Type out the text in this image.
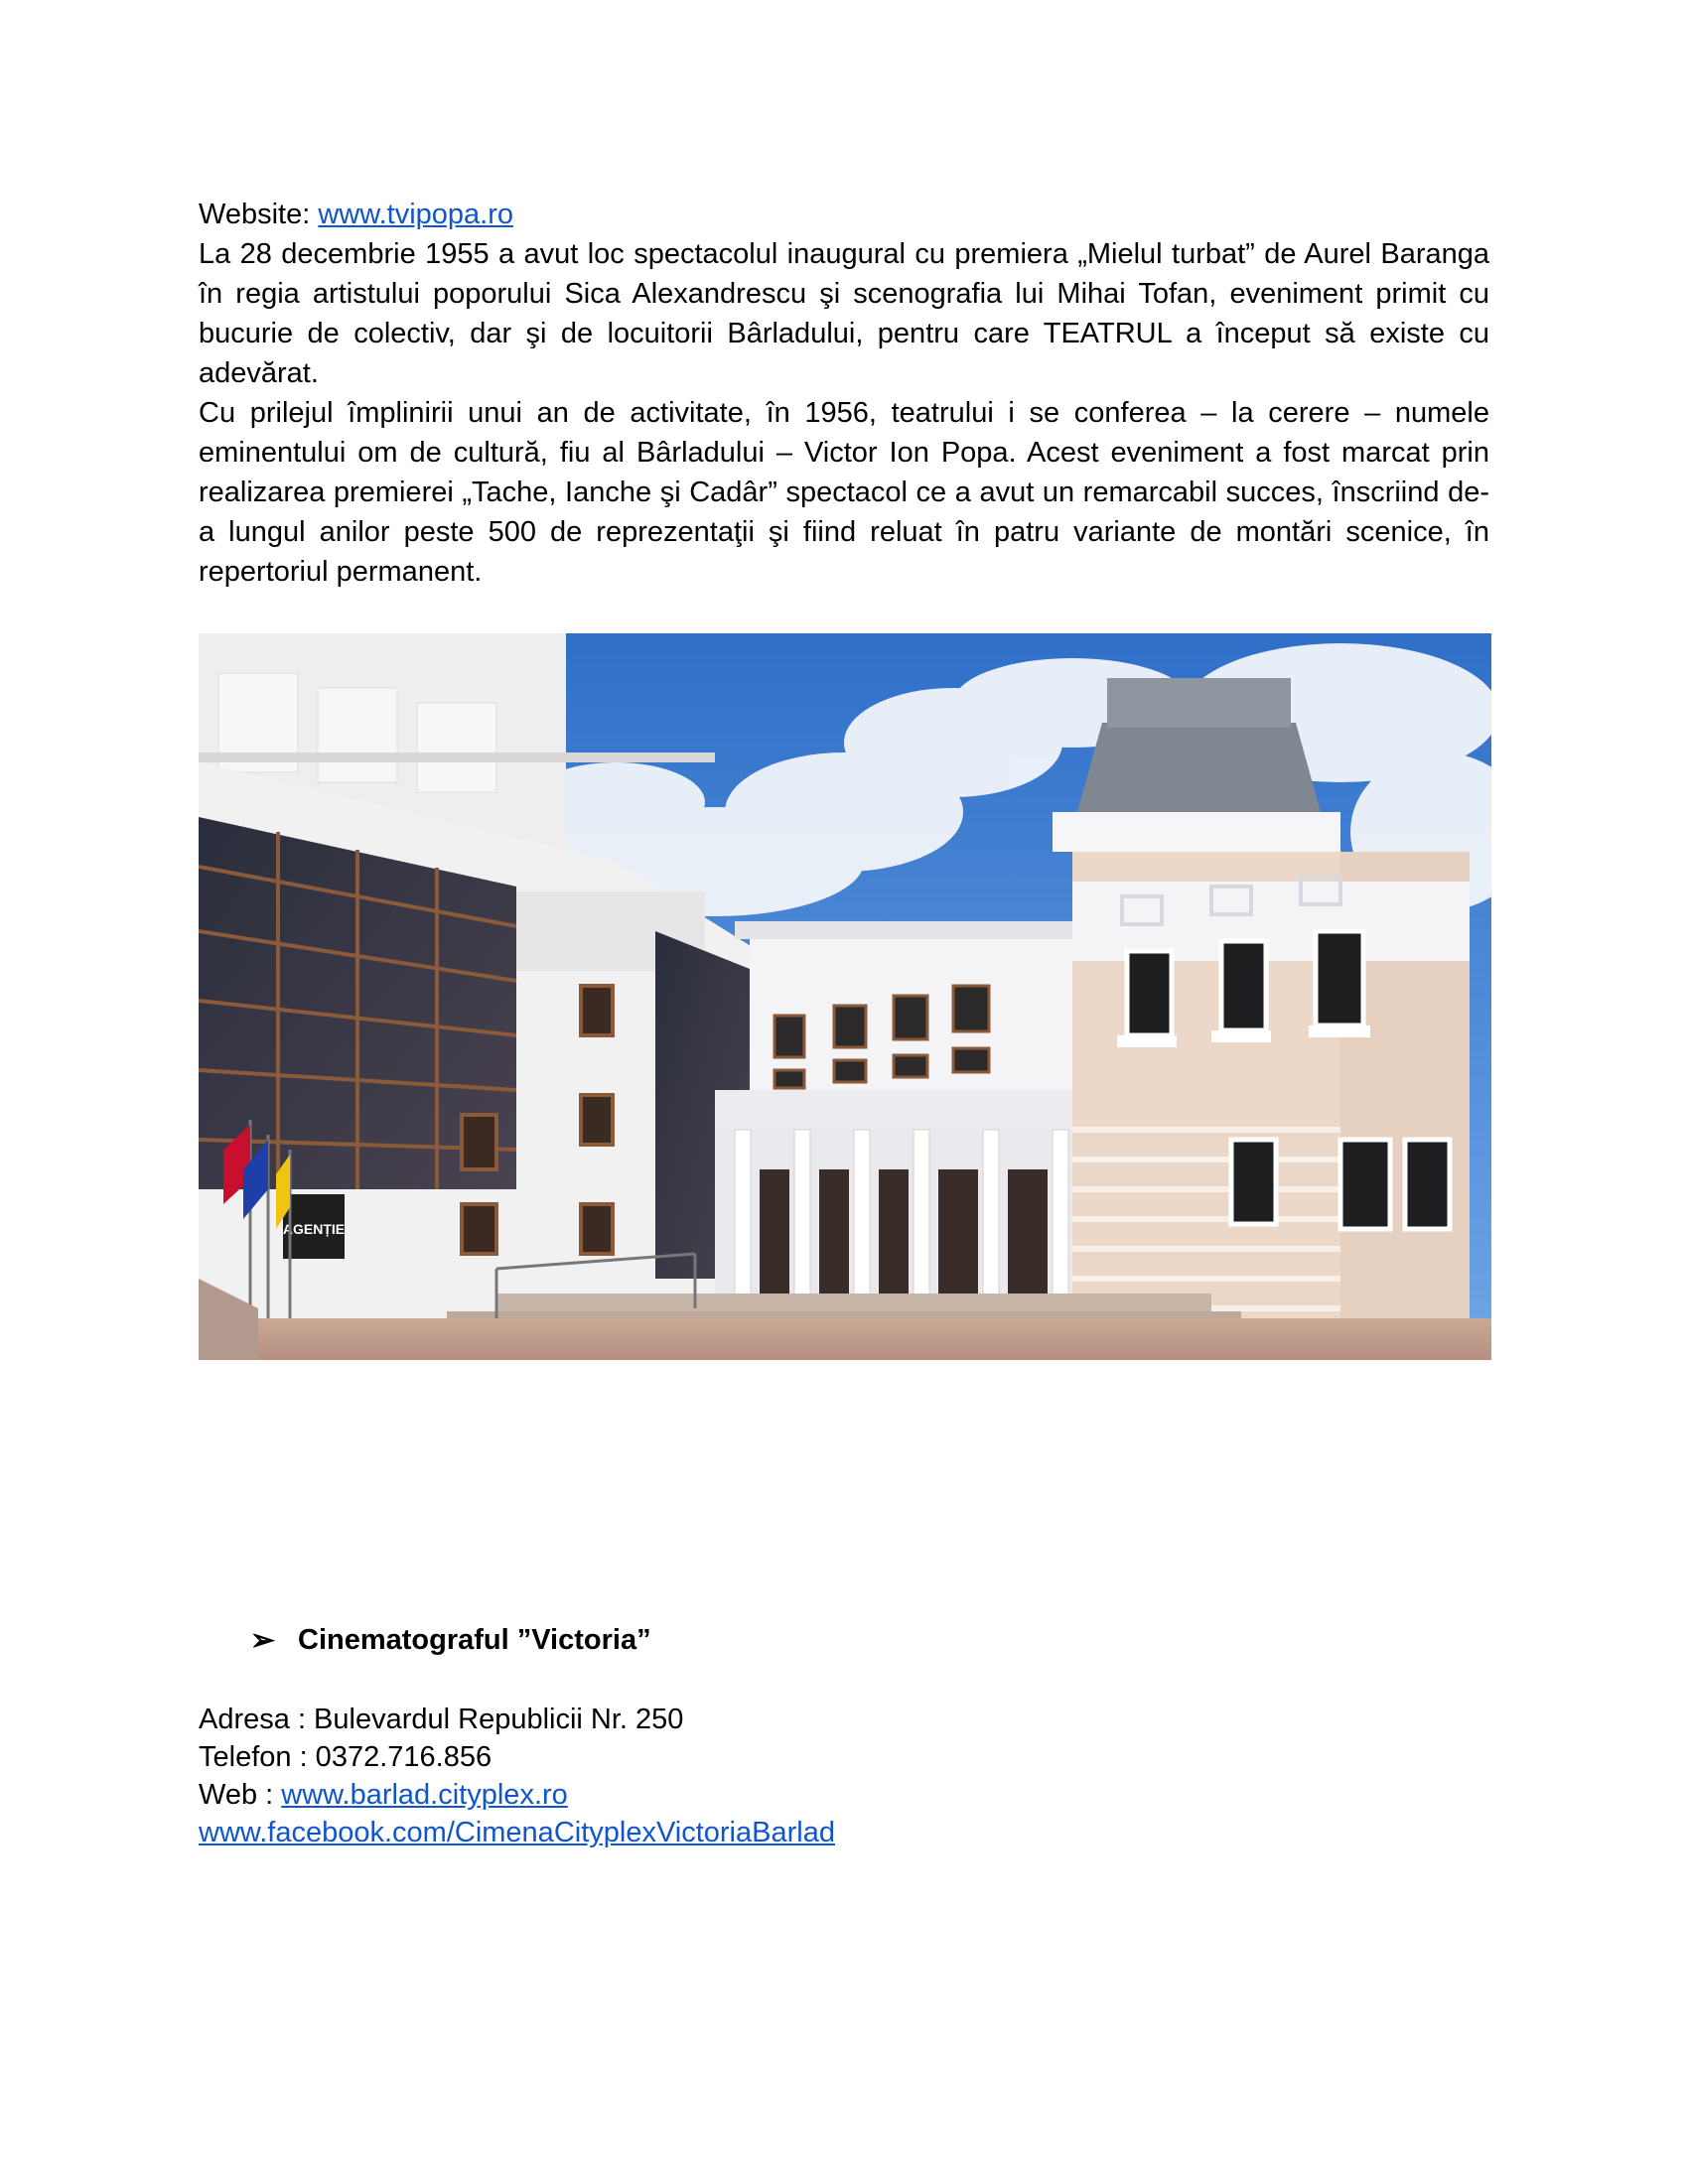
Website: www.tvipopa.ro
La 28 decembrie 1955 a avut loc spectacolul inaugural cu premiera „Mielul turbat” de Aurel Baranga în regia artistului poporului Sica Alexandrescu şi scenografia lui Mihai Tofan, eveniment primit cu bucurie de colectiv, dar şi de locuitorii Bârladului, pentru care TEATRUL a început să existe cu adevărat.
Cu prilejul împlinirii unui an de activitate, în 1956, teatrului i se conferea – la cerere – numele eminentului om de cultură, fiu al Bârladului – Victor Ion Popa. Acest eveniment a fost marcat prin realizarea premierei „Tache, Ianche şi Cadâr” spectacol ce a avut un remarcabil succes, înscriind de-a lungul anilor peste 500 de reprezentaţii şi fiind reluat în patru variante de montări scenice, în repertoriul permanent.
AGENȚIE
➢ Cinematograful ”Victoria”
Adresa : Bulevardul Republicii Nr. 250
Telefon : 0372.716.856
Web : www.barlad.cityplex.ro
www.facebook.com/CimenaCityplexVictoriaBarlad
